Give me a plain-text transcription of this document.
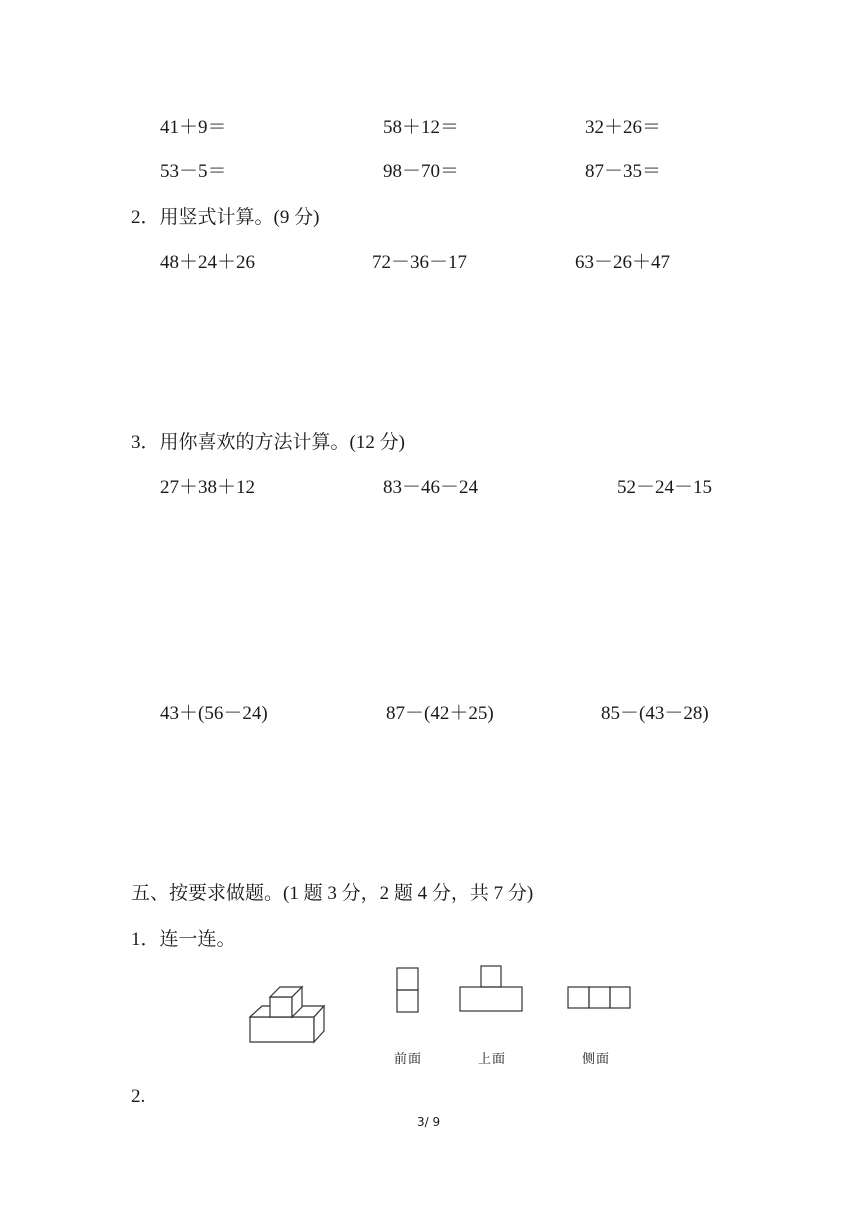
41＋9＝	58＋12＝	32＋26＝
53－5＝	98－70＝	87－35＝
2．用竖式计算。(9 分)
48＋24＋26	72－36－17	63－26＋47
3．用你喜欢的方法计算。(12 分)
27＋38＋12	83－46－24	52－24－15
43＋(56－24)	87－(42＋25)	85－(43－28)
五、按要求做题。(1 题 3 分，2 题 4 分，共 7 分)
1．连一连。
前面	上面	侧面
2.
3/ 9
